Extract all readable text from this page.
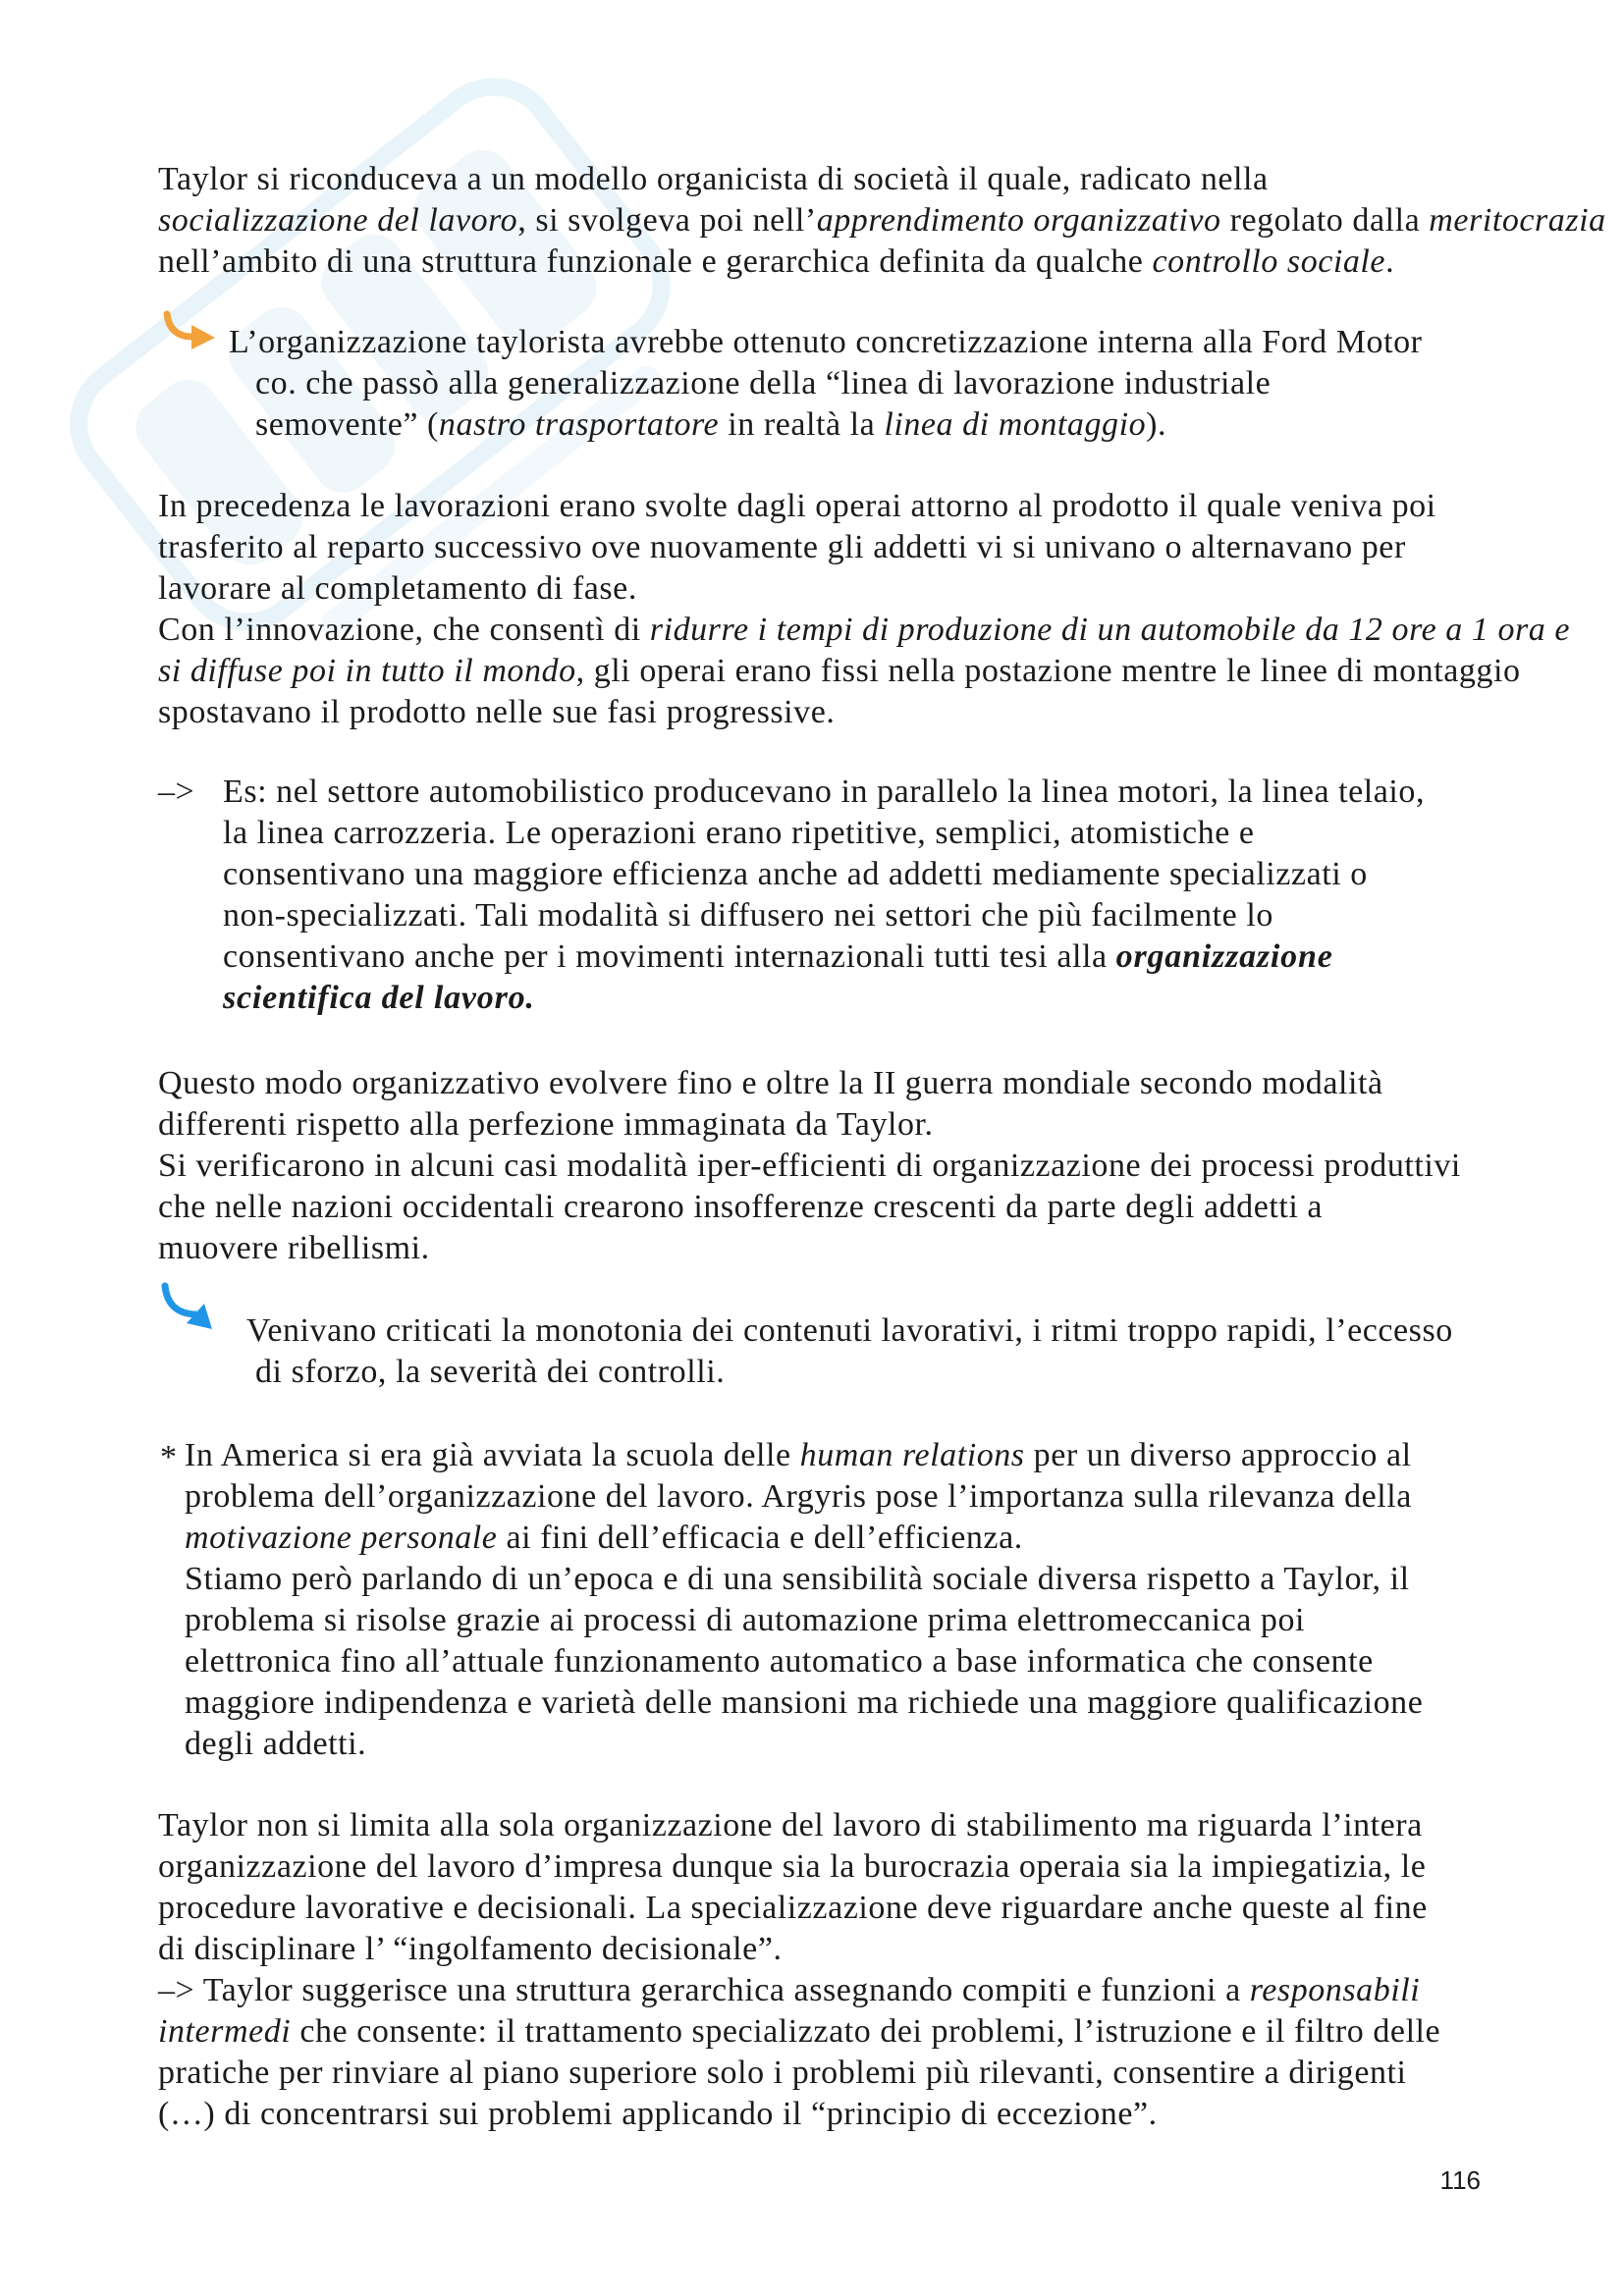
Taylor si riconduceva a un modello organicista di società il quale, radicato nella
socializzazione del lavoro, si svolgeva poi nell’apprendimento organizzativo regolato dalla meritocrazia
nell’ambito di una struttura funzionale e gerarchica definita da qualche controllo sociale.
L’organizzazione taylorista avrebbe ottenuto concretizzazione interna alla Ford Motor
co. che passò alla generalizzazione della “linea di lavorazione industriale
semovente” (nastro trasportatore in realtà la linea di montaggio).
In precedenza le lavorazioni erano svolte dagli operai attorno al prodotto il quale veniva poi
trasferito al reparto successivo ove nuovamente gli addetti vi si univano o alternavano per
lavorare al completamento di fase.
Con l’innovazione, che consentì di ridurre i tempi di produzione di un automobile da 12 ore a 1 ora e
si diffuse poi in tutto il mondo, gli operai erano fissi nella postazione mentre le linee di montaggio
spostavano il prodotto nelle sue fasi progressive.
–> Es: nel settore automobilistico producevano in parallelo la linea motori, la linea telaio,
la linea carrozzeria. Le operazioni erano ripetitive, semplici, atomistiche e
consentivano una maggiore efficienza anche ad addetti mediamente specializzati o
non-specializzati. Tali modalità si diffusero nei settori che più facilmente lo
consentivano anche per i movimenti internazionali tutti tesi alla organizzazione
scientifica del lavoro.
Questo modo organizzativo evolvere fino e oltre la II guerra mondiale secondo modalità
differenti rispetto alla perfezione immaginata da Taylor.
Si verificarono in alcuni casi modalità iper-efficienti di organizzazione dei processi produttivi
che nelle nazioni occidentali crearono insofferenze crescenti da parte degli addetti a
muovere ribellismi.
Venivano criticati la monotonia dei contenuti lavorativi, i ritmi troppo rapidi, l’eccesso
di sforzo, la severità dei controlli.
* In America si era già avviata la scuola delle human relations per un diverso approccio al
problema dell’organizzazione del lavoro. Argyris pose l’importanza sulla rilevanza della
motivazione personale ai fini dell’efficacia e dell’efficienza.
Stiamo però parlando di un’epoca e di una sensibilità sociale diversa rispetto a Taylor, il
problema si risolse grazie ai processi di automazione prima elettromeccanica poi
elettronica fino all’attuale funzionamento automatico a base informatica che consente
maggiore indipendenza e varietà delle mansioni ma richiede una maggiore qualificazione
degli addetti.
Taylor non si limita alla sola organizzazione del lavoro di stabilimento ma riguarda l’intera
organizzazione del lavoro d’impresa dunque sia la burocrazia operaia sia la impiegatizia, le
procedure lavorative e decisionali. La specializzazione deve riguardare anche queste al fine
di disciplinare l’ “ingolfamento decisionale”.
–> Taylor suggerisce una struttura gerarchica assegnando compiti e funzioni a responsabili
intermedi che consente: il trattamento specializzato dei problemi, l’istruzione e il filtro delle
pratiche per rinviare al piano superiore solo i problemi più rilevanti, consentire a dirigenti
(…) di concentrarsi sui problemi applicando il “principio di eccezione”.
116
